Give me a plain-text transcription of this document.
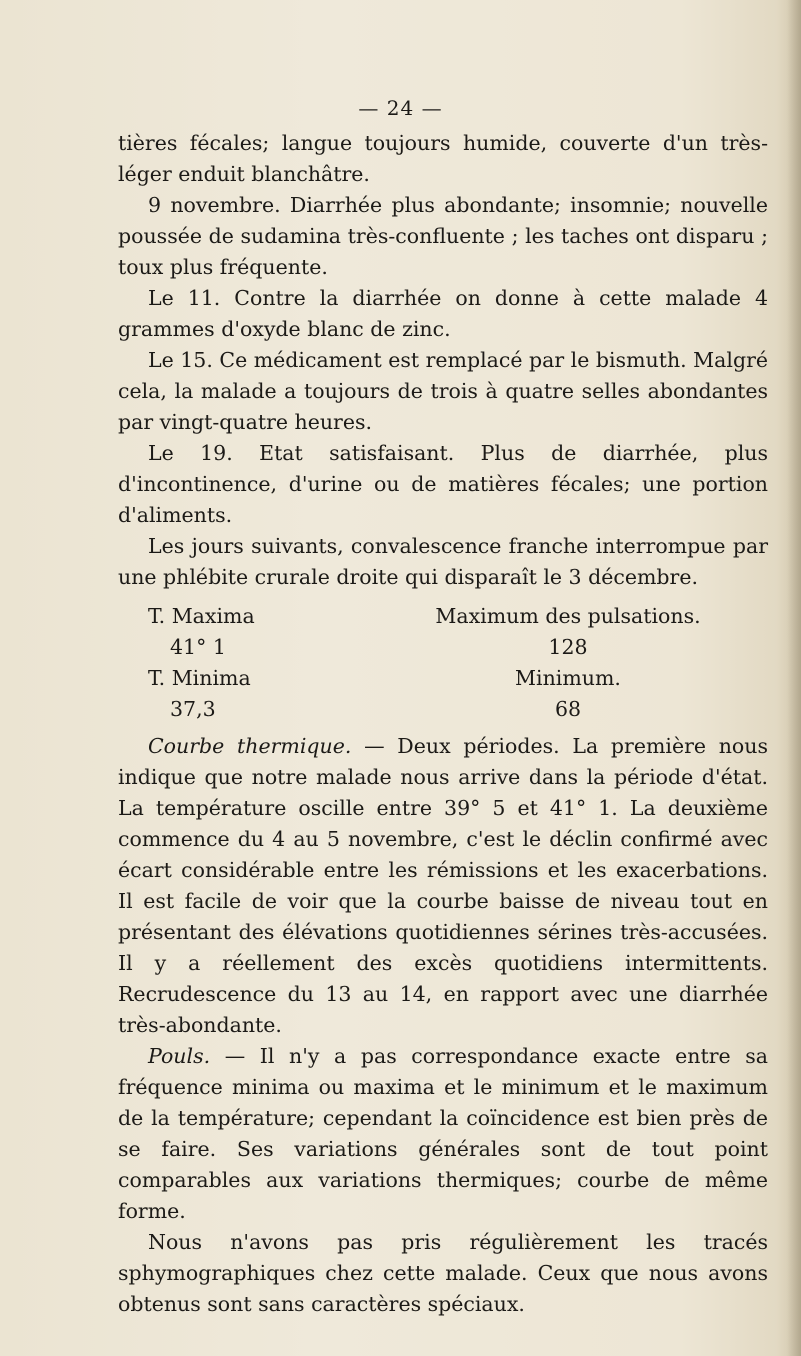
— 24 —

tières fécales; langue toujours humide, couverte d'un très-léger enduit blanchâtre.

9 novembre. Diarrhée plus abondante; insomnie; nouvelle poussée de sudamina très-confluente ; les taches ont disparu ; toux plus fréquente.

Le 11. Contre la diarrhée on donne à cette malade 4 grammes d'oxyde blanc de zinc.

Le 15. Ce médicament est remplacé par le bismuth. Malgré cela, la malade a toujours de trois à quatre selles abondantes par vingt-quatre heures.

Le 19. Etat satisfaisant. Plus de diarrhée, plus d'incontinence, d'urine ou de matières fécales; une portion d'aliments.

Les jours suivants, convalescence franche interrompue par une phlébite crurale droite qui disparaît le 3 décembre.

T. Maxima	Maximum des pulsations.
41° 1	128
T. Minima	Minimum.
37,3	68

Courbe thermique. — Deux périodes. La première nous indique que notre malade nous arrive dans la période d'état. La température oscille entre 39° 5 et 41° 1. La deuxième commence du 4 au 5 novembre, c'est le déclin confirmé avec écart considérable entre les rémissions et les exacerbations. Il est facile de voir que la courbe baisse de niveau tout en présentant des élévations quotidiennes sérines très-accusées. Il y a réellement des excès quotidiens intermittents. Recrudescence du 13 au 14, en rapport avec une diarrhée très-abondante.

Pouls. — Il n'y a pas correspondance exacte entre sa fréquence minima ou maxima et le minimum et le maximum de la température; cependant la coïncidence est bien près de se faire. Ses variations générales sont de tout point comparables aux variations thermiques; courbe de même forme.

Nous n'avons pas pris régulièrement les tracés sphymographiques chez cette malade. Ceux que nous avons obtenus sont sans caractères spéciaux.
